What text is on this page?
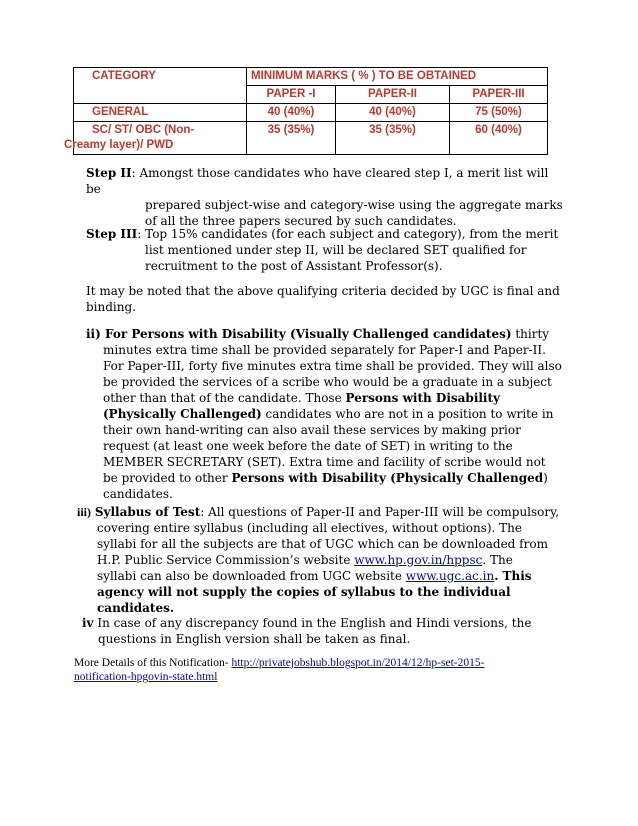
CATEGORY	MINIMUM MARKS ( % ) TO BE OBTAINED		
	PAPER -I	PAPER-II	PAPER-III
GENERAL	40 (40%)	40 (40%)	75 (50%)

SC/ ST/ OBC (Non-
Creamy layer)/ PWD	35 (35%)	35 (35%)	60 (40%)
Step II: Amongst those candidates who have cleared step I, a merit list will be
prepared subject-wise and category-wise using the aggregate marks
of all the three papers secured by such candidates.
Step III: Top 15% candidates (for each subject and category), from the merit
list mentioned under step II, will be declared SET qualified for
recruitment to the post of Assistant Professor(s).
It may be noted that the above qualifying criteria decided by UGC is final and
binding.
ii) For Persons with Disability (Visually Challenged candidates) thirty
minutes extra time shall be provided separately for Paper-I and Paper-II.
For Paper-III, forty five minutes extra time shall be provided. They will also
be provided the services of a scribe who would be a graduate in a subject
other than that of the candidate. Those Persons with Disability
(Physically Challenged) candidates who are not in a position to write in
their own hand-writing can also avail these services by making prior
request (at least one week before the date of SET) in writing to the
MEMBER SECRETARY (SET). Extra time and facility of scribe would not
be provided to other Persons with Disability (Physically Challenged)
candidates.
iii) Syllabus of Test: All questions of Paper-II and Paper-III will be compulsory,
covering entire syllabus (including all electives, without options). The
syllabi for all the subjects are that of UGC which can be downloaded from
H.P. Public Service Commission’s website www.hp.gov.in/hppsc. The
syllabi can also be downloaded from UGC website www.ugc.ac.in. This
agency will not supply the copies of syllabus to the individual
candidates.
iv In case of any discrepancy found in the English and Hindi versions, the
questions in English version shall be taken as final.
More Details of this Notification- http://privatejobshub.blogspot.in/2014/12/hp-set-2015-
notification-hpgovin-state.html
